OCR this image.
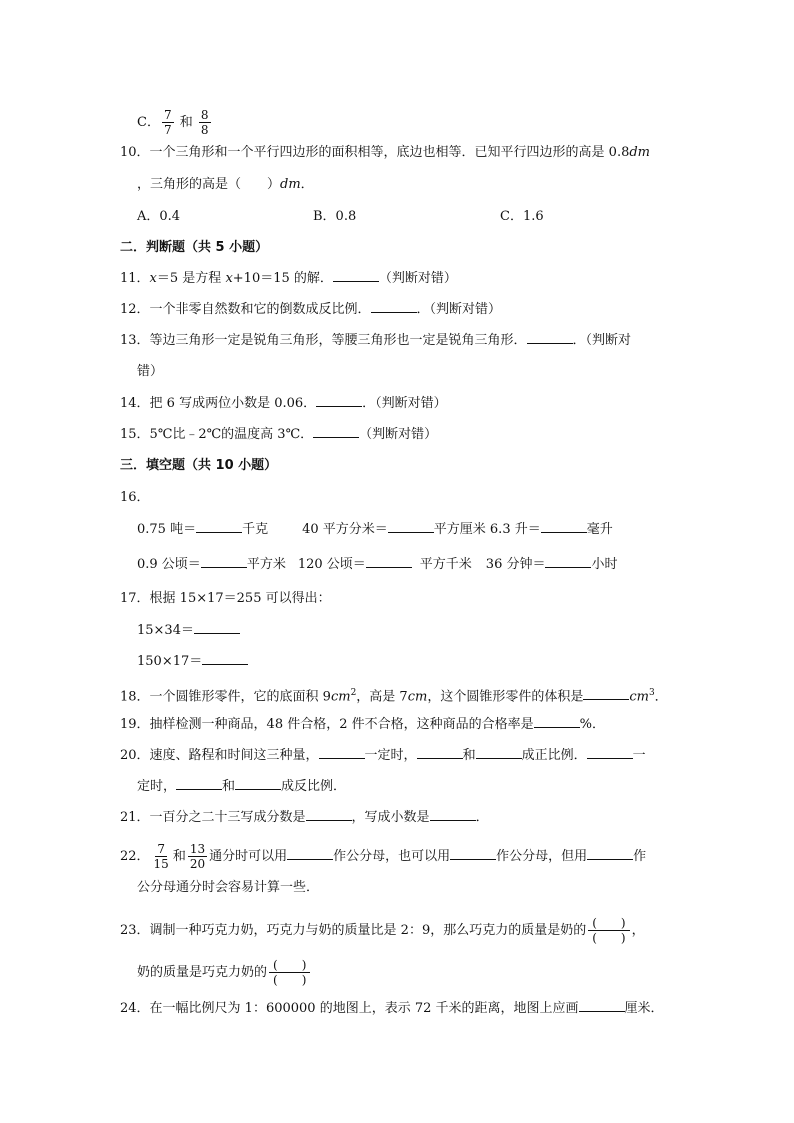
C． $\frac{7}{7}$ 和 $\frac{8}{8}$
10．一个三角形和一个平行四边形的面积相等，底边也相等．已知平行四边形的高是 0.8dm
，三角形的高是（　　）dm．
A．0.4	B．0.8	C．1.6
二．判断题（共 5 小题）
11．x＝5 是方程 x+10＝15 的解．	（判断对错）
12．一个非零自然数和它的倒数成反比例．	．（判断对错）
13．等边三角形一定是锐角三角形，等腰三角形也一定是锐角三角形．	．（判断对
错）
14．把 6 写成两位小数是 0.06．	．（判断对错）
15．5℃比﹣2℃的温度高 3℃．	（判断对错）
三．填空题（共 10 小题）
16．
0.75 吨＝	千克	40 平方分米＝	平方厘米 6.3 升＝	毫升
0.9 公顷＝	平方米 120 公顷＝	平方千米 36 分钟＝	小时
17．根据 15×17＝255 可以得出：
15×34＝
150×17＝
18．一个圆锥形零件，它的底面积 $9cm^2$，高是 7cm，这个圆锥形零件的体积是	$cm^3$．
19．抽样检测一种商品，48 件合格，2 件不合格，这种商品的合格率是	%．
20．速度、路程和时间这三种量，	一定时，	和	成正比例．	一
定时，	和	成反比例．
21．一百分之二十三写成分数是	，写成小数是	．
22． $\frac{7}{15}$ 和 $\frac{13}{20}$ 通分时可以用	作公分母，也可以用	作公分母，但用	作
公分母通分时会容易计算一些．
23．调制一种巧克力奶，巧克力与奶的质量比是 2：9，那么巧克力的质量是奶的 $\frac{( )}{( )}$ ，
奶的质量是巧克力奶的 $\frac{( )}{( )}$
24．在一幅比例尺为 1：600000 的地图上，表示 72 千米的距离，地图上应画	厘米．
